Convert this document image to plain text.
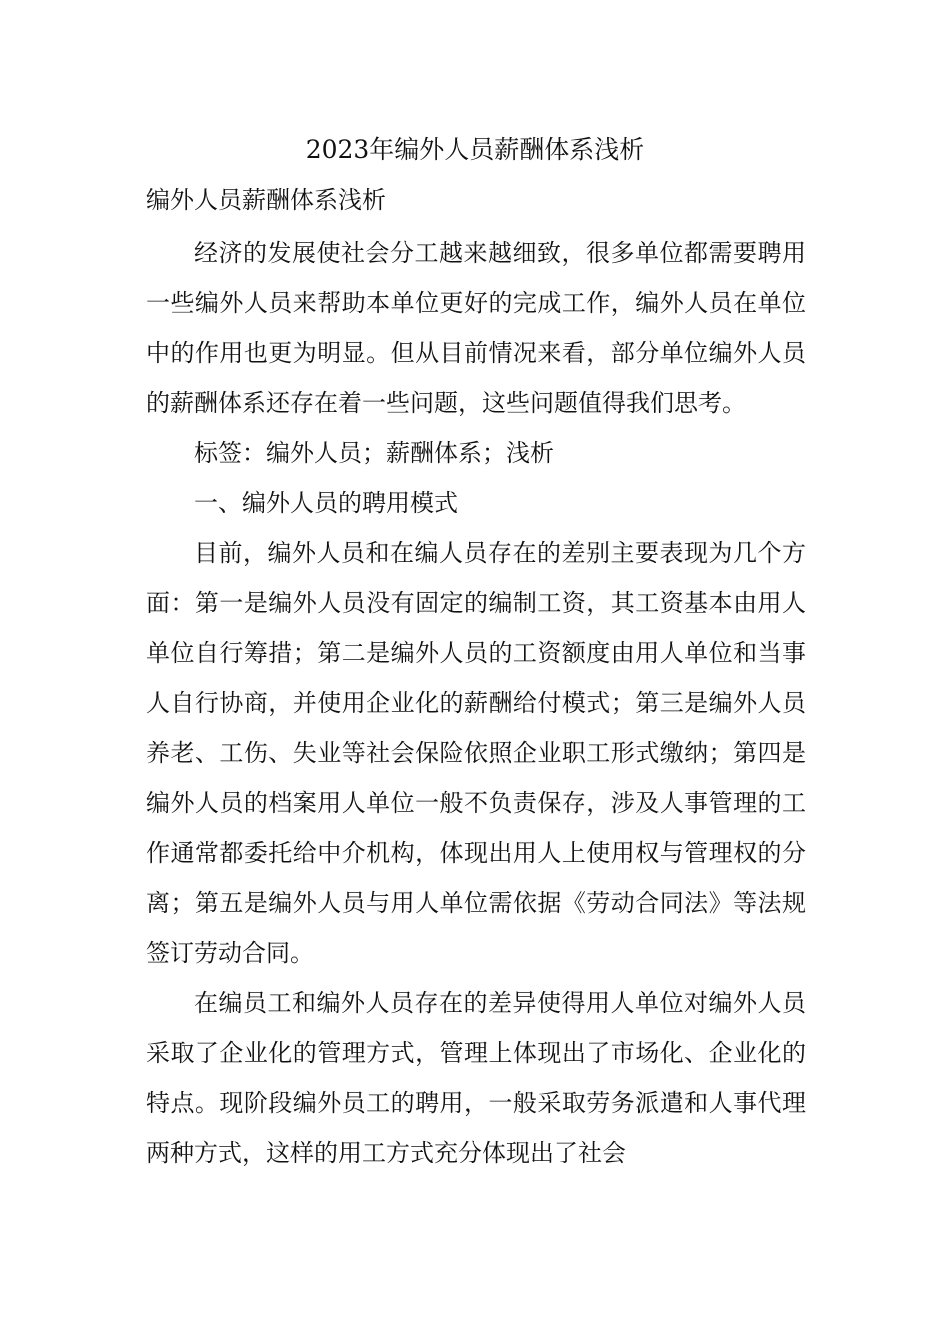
2023年编外人员薪酬体系浅析
编外人员薪酬体系浅析

经济的发展使社会分工越来越细致，很多单位都需要聘用一些编外人员来帮助本单位更好的完成工作，编外人员在单位中的作用也更为明显。但从目前情况来看，部分单位编外人员的薪酬体系还存在着一些问题，这些问题值得我们思考。

标签：编外人员；薪酬体系；浅析

一、编外人员的聘用模式

目前，编外人员和在编人员存在的差别主要表现为几个方面：第一是编外人员没有固定的编制工资，其工资基本由用人单位自行筹措；第二是编外人员的工资额度由用人单位和当事人自行协商，并使用企业化的薪酬给付模式；第三是编外人员养老、工伤、失业等社会保险依照企业职工形式缴纳；第四是编外人员的档案用人单位一般不负责保存，涉及人事管理的工作通常都委托给中介机构，体现出用人上使用权与管理权的分离；第五是编外人员与用人单位需依据《劳动合同法》等法规签订劳动合同。

在编员工和编外人员存在的差异使得用人单位对编外人员采取了企业化的管理方式，管理上体现出了市场化、企业化的特点。现阶段编外员工的聘用，一般采取劳务派遣和人事代理两种方式，这样的用工方式充分体现出了社会
